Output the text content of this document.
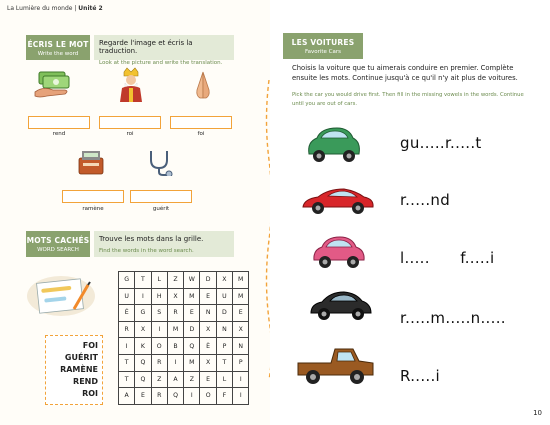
La Lumière du monde | Unité 2
ÉCRIS LE MOT
Write the word
Regarde l'image et écris la traduction.
Look at the picture and write the translation.
rend	roi	foi
ramène	guérit
MOTS CACHÉS
WORD SEARCH
Trouve les mots dans la grille.
Find the words in the word search.
G	T	L	Z	W	D	X	M
U	I	H	X	M	E	U	M
É	G	S	R	E	N	D	E
R	X	I	M	D	X	N	X
I	K	O	B	Q	È	P	N
T	Q	R	I	M	X	T	P
T	Q	Z	A	Z	E	L	I
A	E	R	Q	I	O	F	I
FOI
GUÉRIT
RAMÈNE
REND
ROI
LES VOITURES
Favorite Cars
Choisis la voiture que tu aimerais conduire en premier. Complète ensuite les mots. Continue jusqu'à ce qu'il n'y ait plus de voitures.
Pick the car you would drive first. Then fill in the missing vowels in the words. Continue until you are out of cars.
gu.....r.....t
r.....nd
l.....      f.....i
r.....m.....n.....
R.....i
10
